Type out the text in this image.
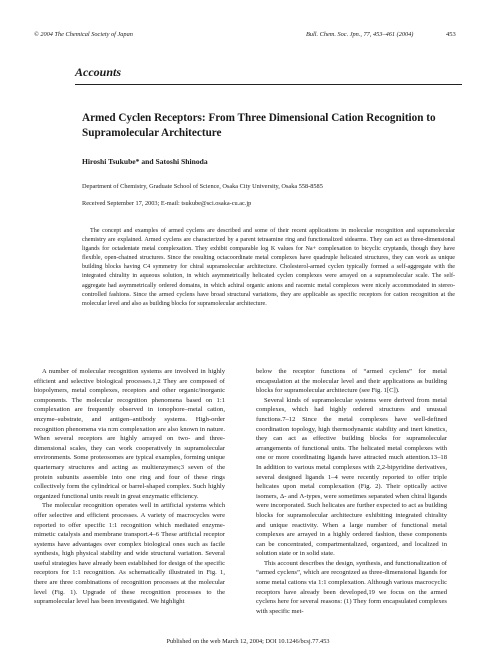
© 2004 The Chemical Society of Japan	Bull. Chem. Soc. Jpn., 77, 453–461 (2004)	453
Accounts
Armed Cyclen Receptors: From Three Dimensional Cation Recognition to Supramolecular Architecture
Hiroshi Tsukube* and Satoshi Shinoda
Department of Chemistry, Graduate School of Science, Osaka City University, Osaka 558-8585
Received September 17, 2003; E-mail: tsukube@sci.osaka-cu.ac.jp
The concept and examples of armed cyclens are described and some of their recent applications in molecular recognition and supramolecular chemistry are explained. Armed cyclens are characterized by a parent tetraamine ring and functionalized sidearms. They can act as three-dimensional ligands for octadentate metal complexation. They exhibit comparable log K values for Na+ complexation to bicyclic cryptands, though they have flexible, open-chained structures. Since the resulting octacoordinate metal complexes have quadruple helicated structures, they can work as unique building blocks having C4 symmetry for chiral supramolecular architecture. Cholesterol-armed cyclen typically formed a self-aggregate with the integrated chirality in aqueous solution, in which asymmetrically helicated cyclen complexes were arrayed on a supramolecular scale. The self-aggregate had asymmetrically ordered domains, in which achiral organic anions and racemic metal complexes were nicely accommodated in stereo-controlled fashions. Since the armed cyclens have broad structural variations, they are applicable as specific receptors for cation recognition at the molecular level and also as building blocks for supramolecular architecture.

A number of molecular recognition systems are involved in highly efficient and selective biological processes.1,2 They are composed of biopolymers, metal complexes, receptors and other organic/inorganic components. The molecular recognition phenomena based on 1:1 complexation are frequently observed in ionophore–metal cation, enzyme–substrate, and antigen–antibody systems. High-order recognition phenomena via n:m complexation are also known in nature. When several receptors are highly arrayed on two- and three-dimensional scales, they can work cooperatively in supramolecular environments. Some proteosomes are typical examples, forming unique quarternary structures and acting as multienzymes;3 seven of the protein subunits assemble into one ring and four of these rings collectively form the cylindrical or barrel-shaped complex. Such highly organized functional units result in great enzymatic efficiency.

The molecular recognition operates well in artificial systems which offer selective and efficient processes. A variety of macrocycles were reported to offer specific 1:1 recognition which mediated enzyme-mimetic catalysis and membrane transport.4–6 These artificial receptor systems have advantages over complex biological ones such as facile synthesis, high physical stability and wide structural variation. Several useful strategies have already been established for design of the specific receptors for 1:1 recognition. As schematically illustrated in Fig. 1, there are three combinations of recognition processes at the molecular level (Fig. 1). Upgrade of these recognition processes to the supramolecular level has been investigated. We highlight

below the receptor functions of “armed cyclens” for metal encapsulation at the molecular level and their applications as building blocks for supramolecular architecture (see Fig. 1[C]).

Several kinds of supramolecular systems were derived from metal complexes, which had highly ordered structures and unusual functions.7–12 Since the metal complexes have well-defined coordination topology, high thermodynamic stability and inert kinetics, they can act as effective building blocks for supramolecular arrangements of functional units. The helicated metal complexes with one or more coordinating ligands have attracted much attention.13–18 In addition to various metal complexes with 2,2-bipyridine derivatives, several designed ligands 1–4 were recently reported to offer triple helicates upon metal complexation (Fig. 2). Their optically active isomers, Δ- and Λ-types, were sometimes separated when chiral ligands were incorporated. Such helicates are further expected to act as building blocks for supramolecular architecture exhibiting integrated chirality and unique reactivity. When a large number of functional metal complexes are arrayed in a highly ordered fashion, these components can be concentrated, compartmentalized, organized, and localized in solution state or in solid state.

This account describes the design, synthesis, and functionalization of “armed cyclens”, which are recognized as three-dimensional ligands for some metal cations via 1:1 complexation. Although various macrocyclic receptors have already been developed,19 we focus on the armed cyclens here for several reasons: (1) They form encapsulated complexes with specific met-

Published on the web March 12, 2004; DOI 10.1246/bcsj.77.453
